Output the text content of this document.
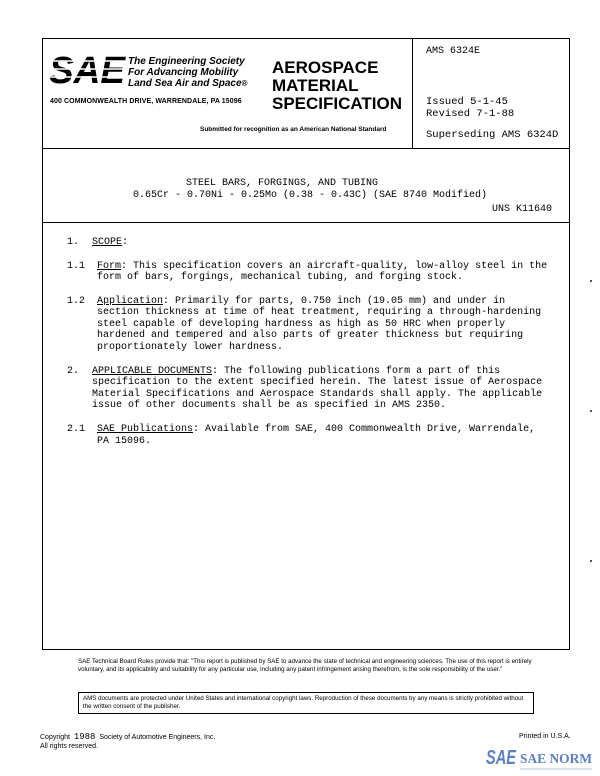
SAE The Engineering Society
For Advancing Mobility
Land Sea Air and Space®
400 COMMONWEALTH DRIVE, WARRENDALE, PA 15096
AEROSPACE
MATERIAL
SPECIFICATION
Submitted for recognition as an American National Standard
AMS 6324E
Issued 5-1-45
Revised 7-1-88
Superseding AMS 6324D
STEEL BARS, FORGINGS, AND TUBING
0.65Cr - 0.70Ni - 0.25Mo (0.38 - 0.43C) (SAE 8740 Modified)
UNS K11640
1. SCOPE:
1.1 Form: This specification covers an aircraft-quality, low-alloy steel in the
form of bars, forgings, mechanical tubing, and forging stock.
1.2 Application: Primarily for parts, 0.750 inch (19.05 mm) and under in
section thickness at time of heat treatment, requiring a through-hardening
steel capable of developing hardness as high as 50 HRC when properly
hardened and tempered and also parts of greater thickness but requiring
proportionately lower hardness.
2. APPLICABLE DOCUMENTS: The following publications form a part of this
specification to the extent specified herein. The latest issue of Aerospace
Material Specifications and Aerospace Standards shall apply. The applicable
issue of other documents shall be as specified in AMS 2350.
2.1 SAE Publications: Available from SAE, 400 Commonwealth Drive, Warrendale,
PA 15096.
SAE Technical Board Rules provide that: "This report is published by SAE to advance the state of technical and engineering sciences. The use of this report is entirely voluntary, and its applicability and suitability for any particular use, including any patent infringement arising therefrom, is the sole responsibility of the user."
AMS documents are protected under United States and international copyright laws. Reproduction of these documents by any means is strictly prohibited without the written consent of the publisher.
Copyright 1988 Society of Automotive Engineers, Inc.
All rights reserved.
Printed in U.S.A.
SAE SAE NORM
